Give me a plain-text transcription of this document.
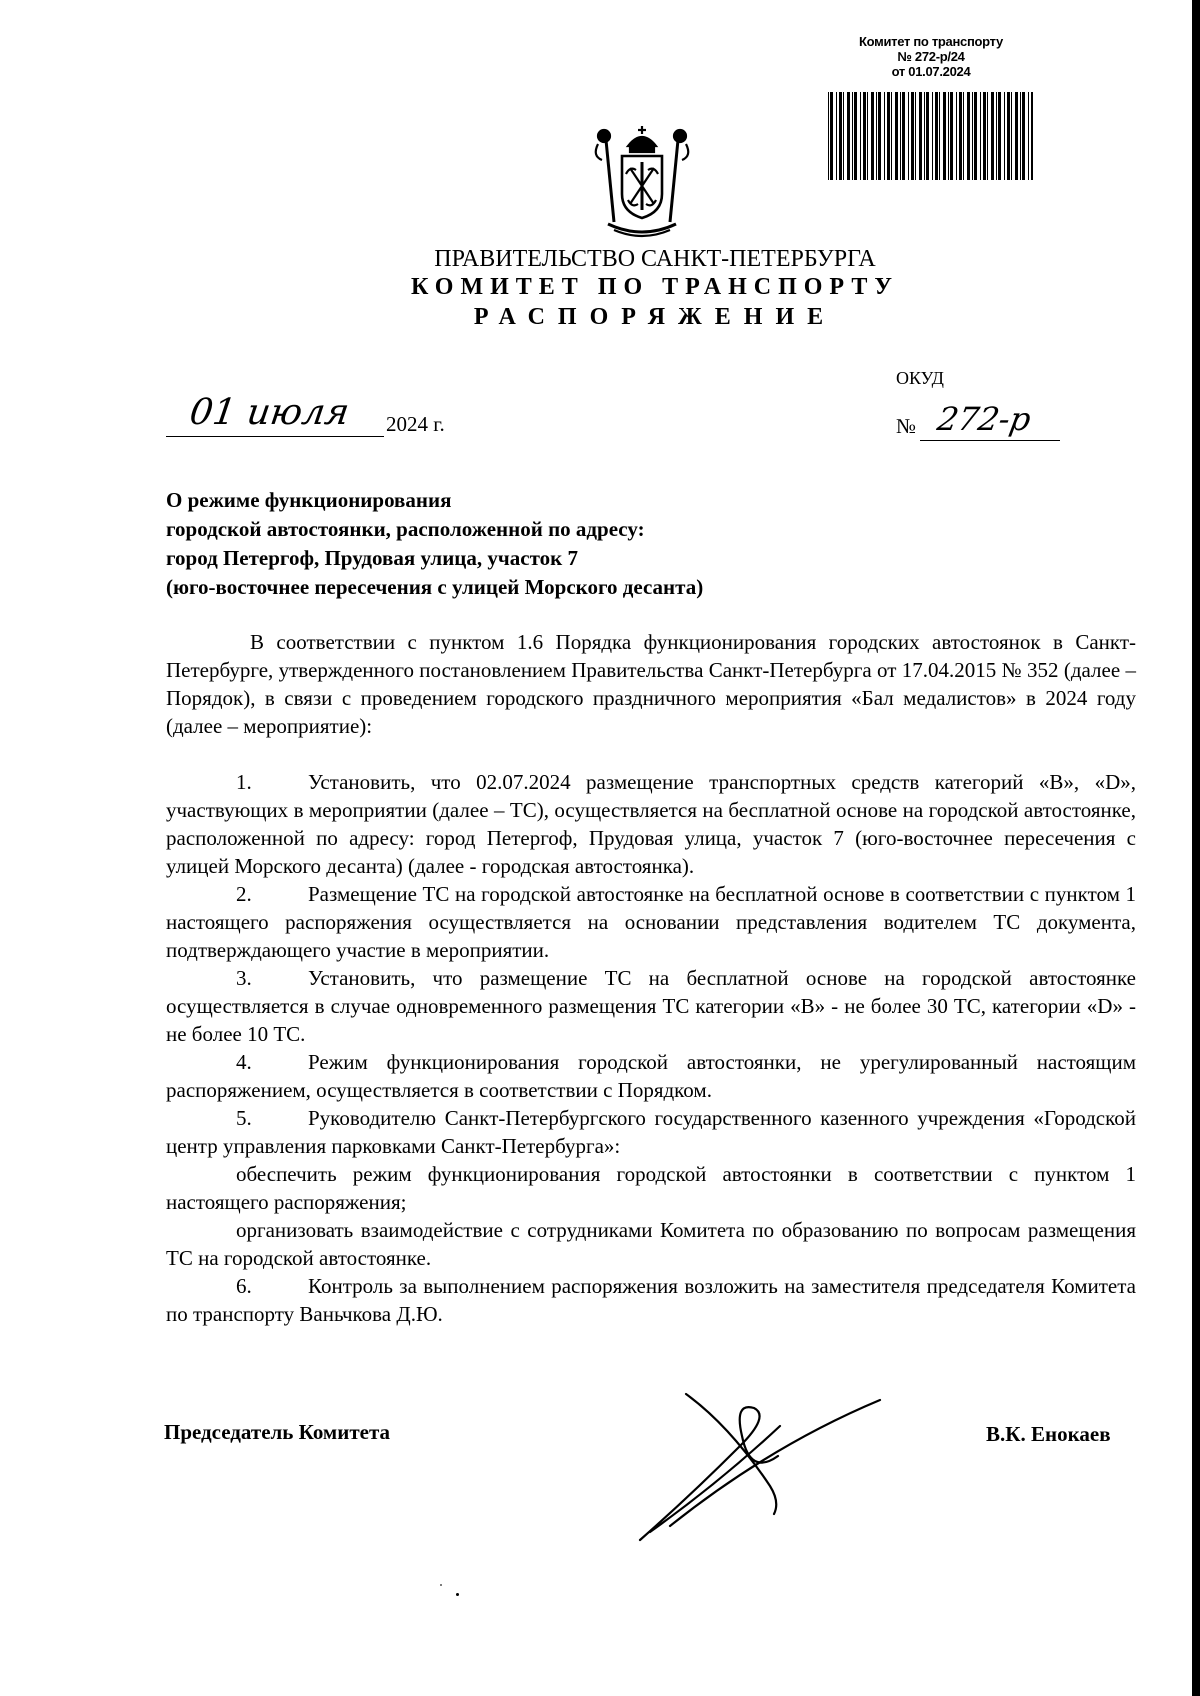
Комитет по транспорту
№ 272-р/24
от 01.07.2024
ПРАВИТЕЛЬСТВО САНКТ-ПЕТЕРБУРГА
КОМИТЕТ ПО ТРАНСПОРТУ
РАСПОРЯЖЕНИЕ
ОКУД
01 июля 2024 г.	№ 272-р
О режиме функционирования
городской автостоянки, расположенной по адресу:
город Петергоф, Прудовая улица, участок 7
(юго-восточнее пересечения с улицей Морского десанта)

В соответствии с пунктом 1.6 Порядка функционирования городских автостоянок в Санкт-Петербурге, утвержденного постановлением Правительства Санкт-Петербурга от 17.04.2015 № 352 (далее – Порядок), в связи с проведением городского праздничного мероприятия «Бал медалистов» в 2024 году (далее – мероприятие):

1.	Установить, что 02.07.2024 размещение транспортных средств категорий «В», «D», участвующих в мероприятии (далее – ТС), осуществляется на бесплатной основе на городской автостоянке, расположенной по адресу: город Петергоф, Прудовая улица, участок 7 (юго-восточнее пересечения с улицей Морского десанта) (далее - городская автостоянка).

2.	Размещение ТС на городской автостоянке на бесплатной основе в соответствии с пунктом 1 настоящего распоряжения осуществляется на основании представления водителем ТС документа, подтверждающего участие в мероприятии.

3.	Установить, что размещение ТС на бесплатной основе на городской автостоянке осуществляется в случае одновременного размещения ТС категории «В» - не более 30 ТС, категории «D» - не более 10 ТС.

4.	Режим функционирования городской автостоянки, не урегулированный настоящим распоряжением, осуществляется в соответствии с Порядком.

5.	Руководителю Санкт-Петербургского государственного казенного учреждения «Городской центр управления парковками Санкт-Петербурга»:

обеспечить режим функционирования городской автостоянки в соответствии с пунктом 1 настоящего распоряжения;

организовать взаимодействие с сотрудниками Комитета по образованию по вопросам размещения ТС на городской автостоянке.

6.	Контроль за выполнением распоряжения возложить на заместителя председателя Комитета по транспорту Ваньчкова Д.Ю.

Председатель Комитета	В.К. Енокаев
